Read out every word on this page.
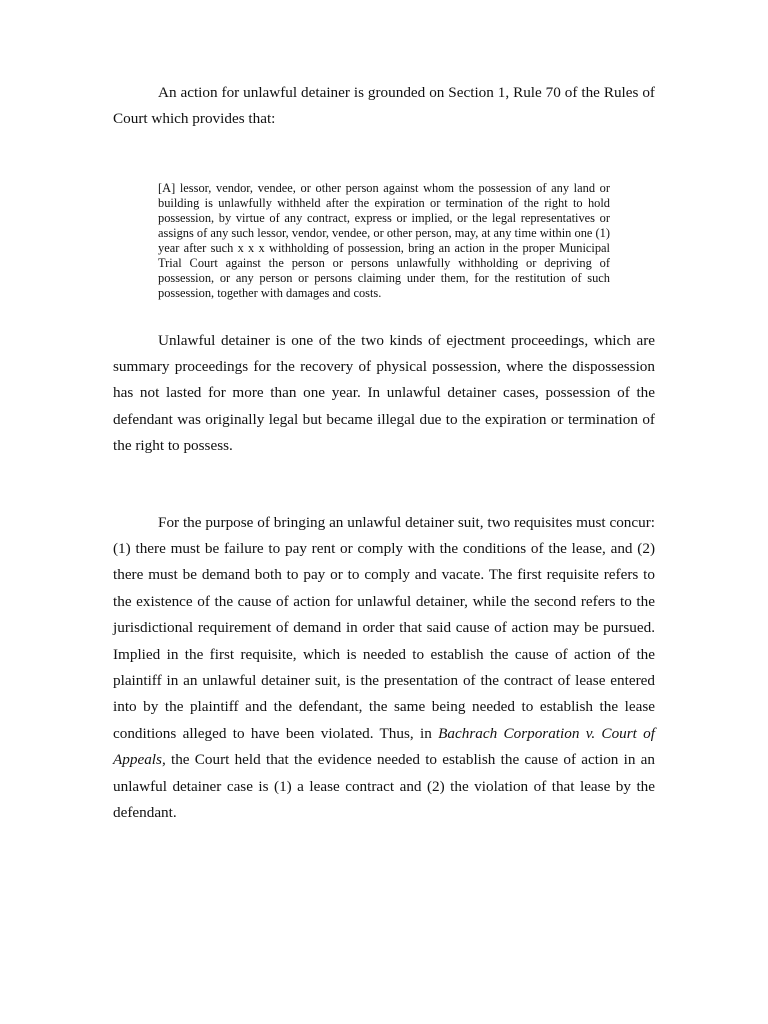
An action for unlawful detainer is grounded on Section 1, Rule 70 of the Rules of Court which provides that:

[A] lessor, vendor, vendee, or other person against whom the possession of any land or building is unlawfully withheld after the expiration or termination of the right to hold possession, by virtue of any contract, express or implied, or the legal representatives or assigns of any such lessor, vendor, vendee, or other person, may, at any time within one (1) year after such x x x withholding of possession, bring an action in the proper Municipal Trial Court against the person or persons unlawfully withholding or depriving of possession, or any person or persons claiming under them, for the restitution of such possession, together with damages and costs.

Unlawful detainer is one of the two kinds of ejectment proceedings, which are summary proceedings for the recovery of physical possession, where the dispossession has not lasted for more than one year. In unlawful detainer cases, possession of the defendant was originally legal but became illegal due to the expiration or termination of the right to possess.

For the purpose of bringing an unlawful detainer suit, two requisites must concur: (1) there must be failure to pay rent or comply with the conditions of the lease, and (2) there must be demand both to pay or to comply and vacate. The first requisite refers to the existence of the cause of action for unlawful detainer, while the second refers to the jurisdictional requirement of demand in order that said cause of action may be pursued. Implied in the first requisite, which is needed to establish the cause of action of the plaintiff in an unlawful detainer suit, is the presentation of the contract of lease entered into by the plaintiff and the defendant, the same being needed to establish the lease conditions alleged to have been violated. Thus, in Bachrach Corporation v. Court of Appeals, the Court held that the evidence needed to establish the cause of action in an unlawful detainer case is (1) a lease contract and (2) the violation of that lease by the defendant.
